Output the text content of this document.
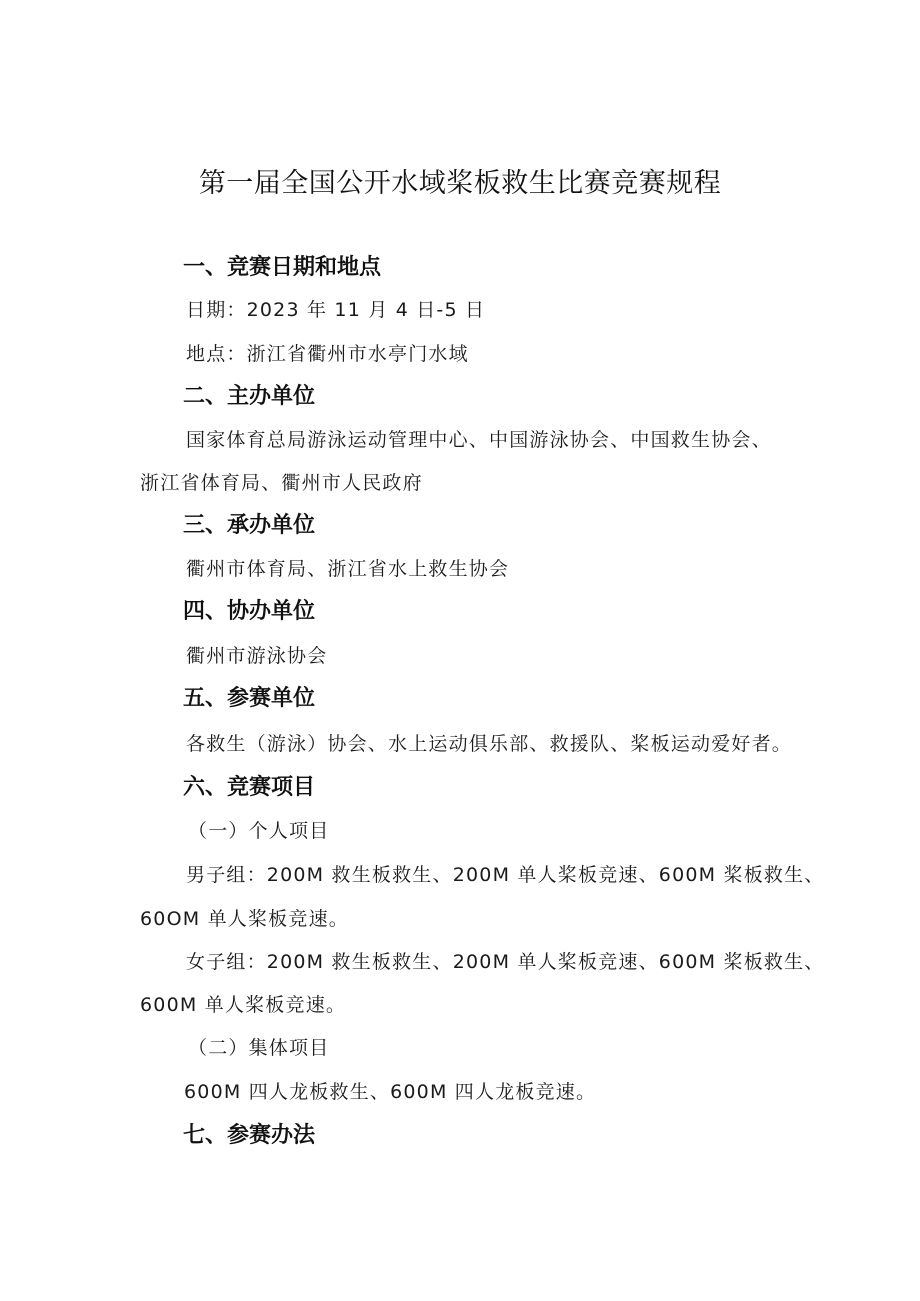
第一届全国公开水域桨板救生比赛竞赛规程
一、竞赛日期和地点
日期：2023 年 11 月 4 日-5 日
地点：浙江省衢州市水亭门水域
二、主办单位
国家体育总局游泳运动管理中心、中国游泳协会、中国救生协会、
浙江省体育局、衢州市人民政府
三、承办单位
衢州市体育局、浙江省水上救生协会
四、协办单位
衢州市游泳协会
五、参赛单位
各救生（游泳）协会、水上运动俱乐部、救援队、桨板运动爱好者。
六、竞赛项目
（一）个人项目
男子组：200M 救生板救生、200M 单人桨板竞速、600M 桨板救生、
60OM 单人桨板竞速。
女子组：200M 救生板救生、200M 单人桨板竞速、600M 桨板救生、
600M 单人桨板竞速。
（二）集体项目
600M 四人龙板救生、600M 四人龙板竞速。
七、参赛办法
